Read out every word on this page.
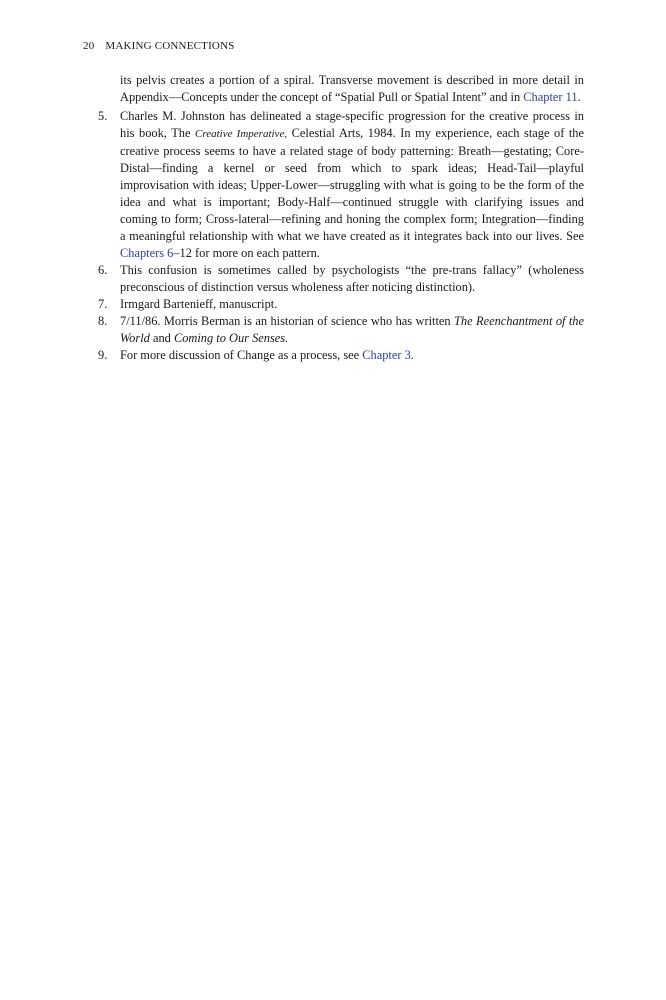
20 MAKING CONNECTIONS

its pelvis creates a portion of a spiral. Transverse movement is described in more detail in Appendix—Concepts under the concept of “Spatial Pull or Spatial Intent” and in Chapter 11.

5.	Charles M. Johnston has delineated a stage-specific progression for the creative process in his book, The Creative Imperative, Celestial Arts, 1984. In my experience, each stage of the creative process seems to have a related stage of body patterning: Breath—gestating; Core-Distal—finding a kernel or seed from which to spark ideas; Head-Tail—playful improvisation with ideas; Upper-Lower—struggling with what is going to be the form of the idea and what is important; Body-Half—continued struggle with clarifying issues and coming to form; Cross-lateral—refining and honing the complex form; Integration—finding a meaningful relationship with what we have created as it integrates back into our lives. See Chapters 6–12 for more on each pattern.
6.	This confusion is sometimes called by psychologists “the pre-trans fallacy” (wholeness preconscious of distinction versus wholeness after noticing distinction).
7.	Irmgard Bartenieff, manuscript.
8.	7/11/86. Morris Berman is an historian of science who has written The Reenchantment of the World and Coming to Our Senses.
9.	For more discussion of Change as a process, see Chapter 3.
